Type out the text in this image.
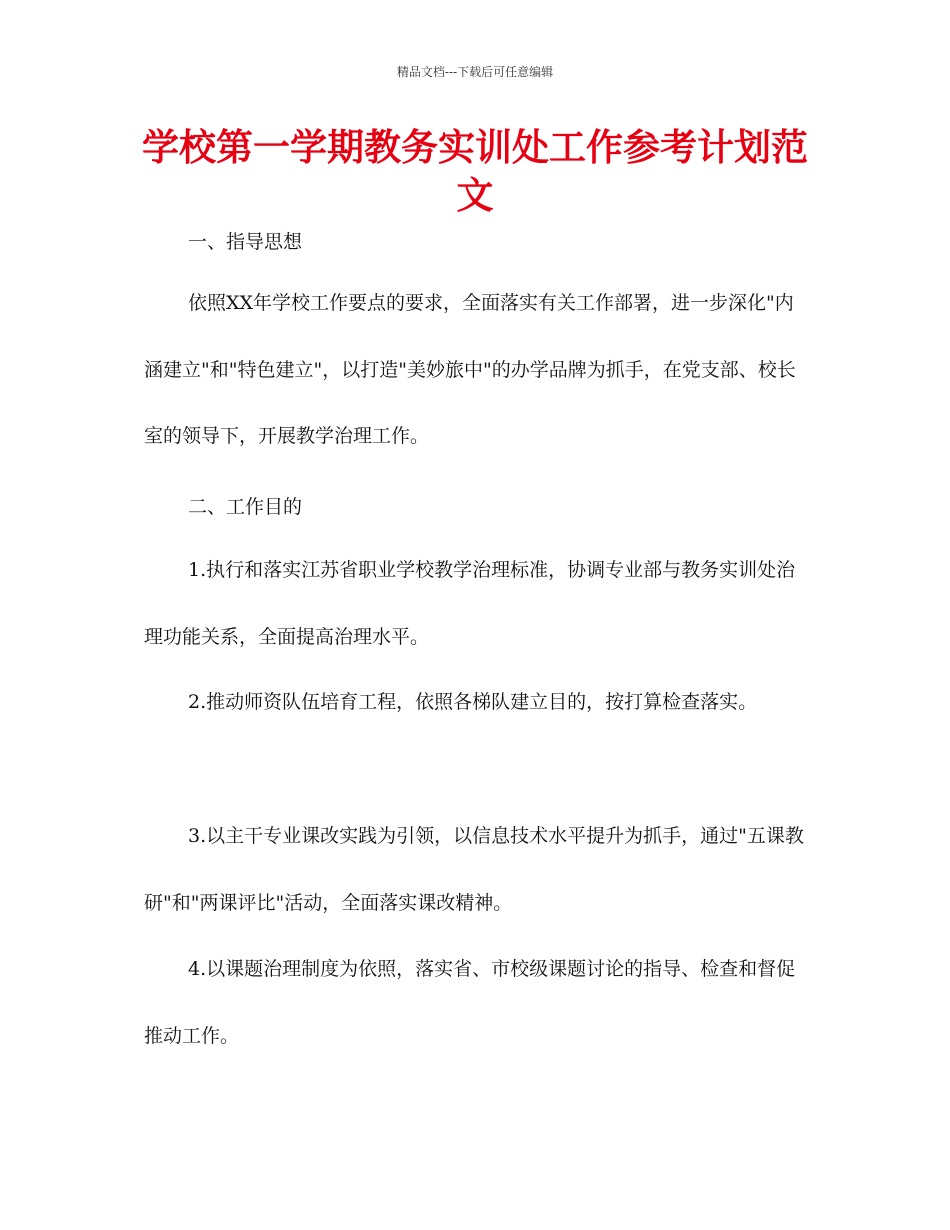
精品文档---下载后可任意编辑
学校第一学期教务实训处工作参考计划范
文

一、指导思想

依照XX年学校工作要点的要求，全面落实有关工作部署，进一步深化"内涵建立"和"特色建立"，以打造"美妙旅中"的办学品牌为抓手，在党支部、校长室的领导下，开展教学治理工作。

二、工作目的

1.执行和落实江苏省职业学校教学治理标准，协调专业部与教务实训处治理功能关系，全面提高治理水平。

2.推动师资队伍培育工程，依照各梯队建立目的，按打算检查落实。

3.以主干专业课改实践为引领，以信息技术水平提升为抓手，通过"五课教研"和"两课评比"活动，全面落实课改精神。

4.以课题治理制度为依照，落实省、市校级课题讨论的指导、检查和督促推动工作。
